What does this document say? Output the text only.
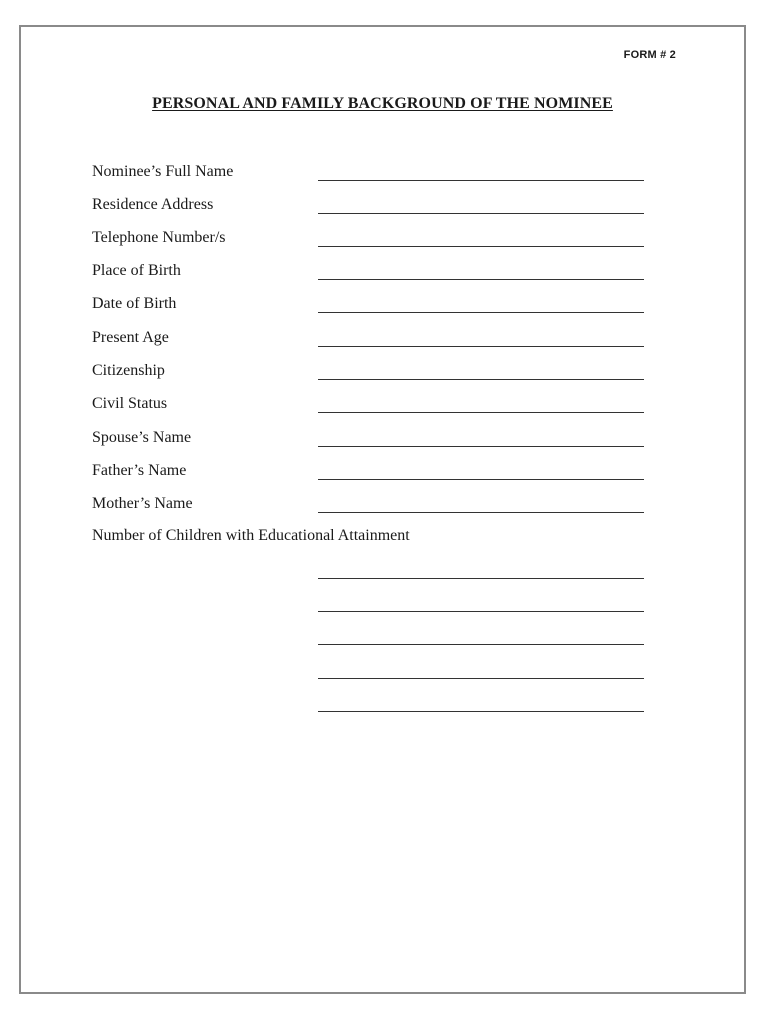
FORM # 2
PERSONAL AND FAMILY BACKGROUND OF THE NOMINEE
Nominee’s Full Name
Residence Address
Telephone Number/s
Place of Birth
Date of Birth
Present Age
Citizenship
Civil Status
Spouse’s Name
Father’s Name
Mother’s Name
Number of Children with Educational Attainment
